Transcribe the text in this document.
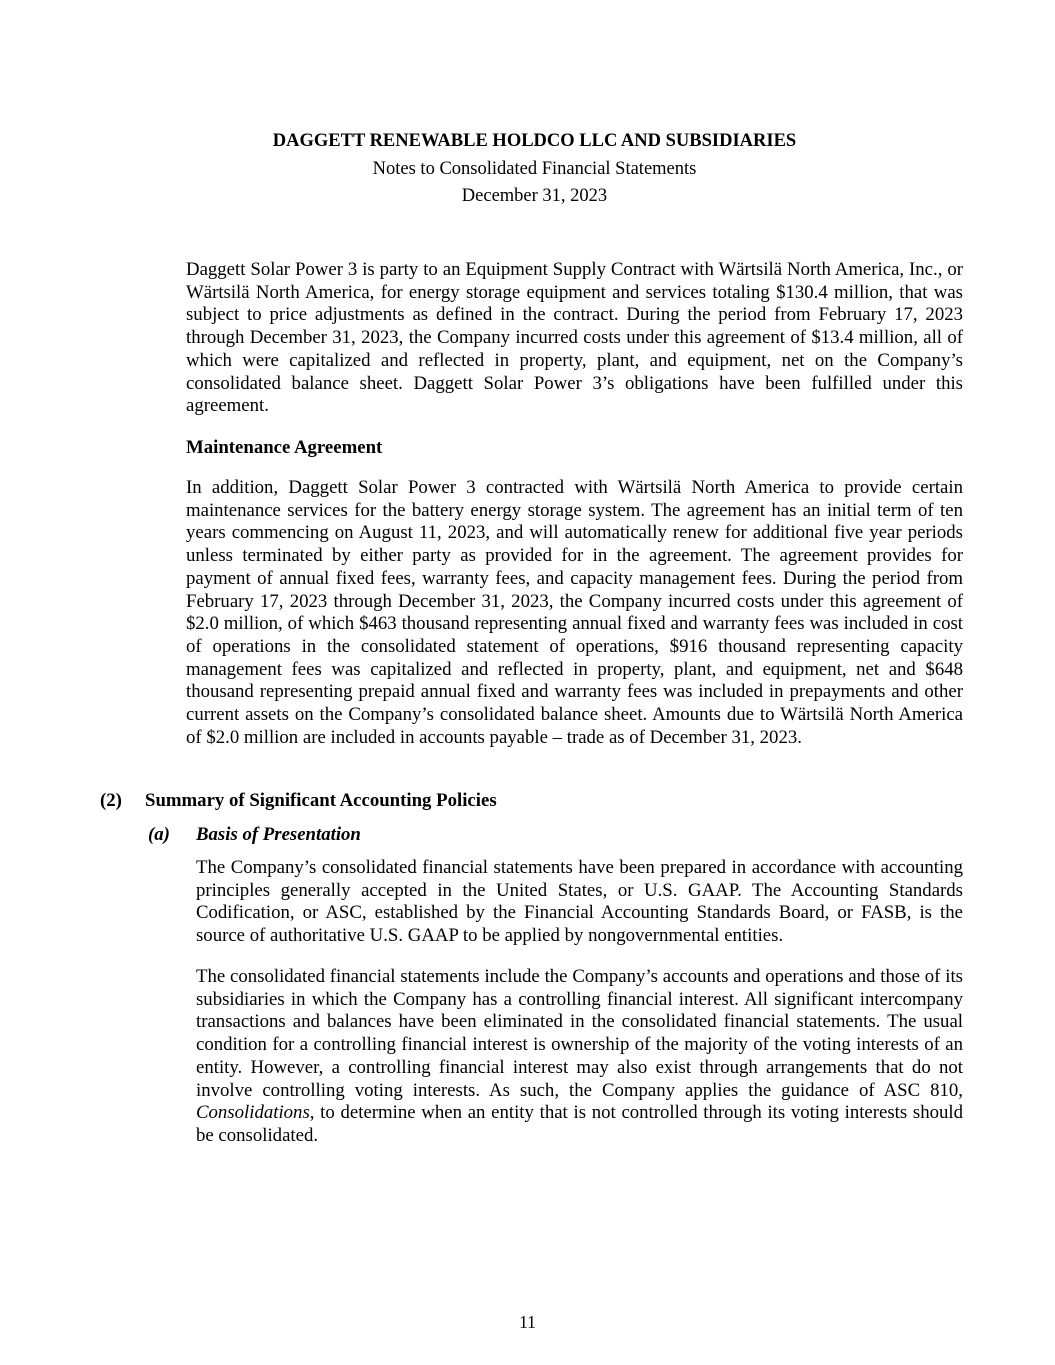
DAGGETT RENEWABLE HOLDCO LLC AND SUBSIDIARIES
Notes to Consolidated Financial Statements
December 31, 2023

Daggett Solar Power 3 is party to an Equipment Supply Contract with Wärtsilä North America, Inc., or Wärtsilä North America, for energy storage equipment and services totaling $130.4 million, that was subject to price adjustments as defined in the contract. During the period from February 17, 2023 through December 31, 2023, the Company incurred costs under this agreement of $13.4 million, all of which were capitalized and reflected in property, plant, and equipment, net on the Company’s consolidated balance sheet. Daggett Solar Power 3’s obligations have been fulfilled under this agreement.

Maintenance Agreement

In addition, Daggett Solar Power 3 contracted with Wärtsilä North America to provide certain maintenance services for the battery energy storage system. The agreement has an initial term of ten years commencing on August 11, 2023, and will automatically renew for additional five year periods unless terminated by either party as provided for in the agreement. The agreement provides for payment of annual fixed fees, warranty fees, and capacity management fees. During the period from February 17, 2023 through December 31, 2023, the Company incurred costs under this agreement of $2.0 million, of which $463 thousand representing annual fixed and warranty fees was included in cost of operations in the consolidated statement of operations, $916 thousand representing capacity management fees was capitalized and reflected in property, plant, and equipment, net and $648 thousand representing prepaid annual fixed and warranty fees was included in prepayments and other current assets on the Company’s consolidated balance sheet. Amounts due to Wärtsilä North America of $2.0 million are included in accounts payable – trade as of December 31, 2023.

(2)	Summary of Significant Accounting Policies
(a)	Basis of Presentation

The Company’s consolidated financial statements have been prepared in accordance with accounting principles generally accepted in the United States, or U.S. GAAP. The Accounting Standards Codification, or ASC, established by the Financial Accounting Standards Board, or FASB, is the source of authoritative U.S. GAAP to be applied by nongovernmental entities.

The consolidated financial statements include the Company’s accounts and operations and those of its subsidiaries in which the Company has a controlling financial interest. All significant intercompany transactions and balances have been eliminated in the consolidated financial statements. The usual condition for a controlling financial interest is ownership of the majority of the voting interests of an entity. However, a controlling financial interest may also exist through arrangements that do not involve controlling voting interests. As such, the Company applies the guidance of ASC 810, Consolidations, to determine when an entity that is not controlled through its voting interests should be consolidated.

11
